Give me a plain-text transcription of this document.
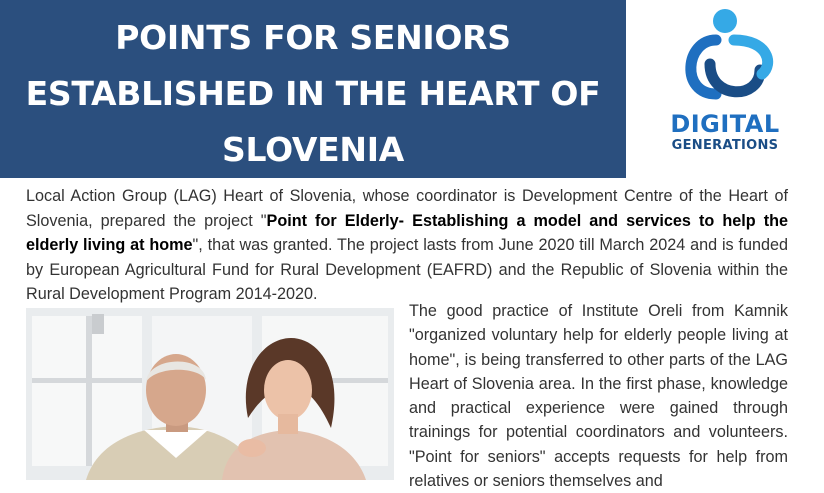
POINTS FOR SENIORS ESTABLISHED IN THE HEART OF SLOVENIA
DIGITAL
GENERATIONS

Local Action Group (LAG) Heart of Slovenia, whose coordinator is Development Centre of the Heart of Slovenia, prepared the project "Point for Elderly- Establishing a model and services to help the elderly living at home", that was granted. The project lasts from June 2020 till March 2024 and is funded by European Agricultural Fund for Rural Development (EAFRD) and the Republic of Slovenia within the Rural Development Program 2014-2020.

The good practice of Institute Oreli from Kamnik "organized voluntary help for elderly people living at home", is being transferred to other parts of the LAG Heart of Slovenia area. In the first phase, knowledge and practical experience were gained through trainings for potential coordinators and volunteers. "Point for seniors" accepts requests for help from relatives or seniors themselves and
